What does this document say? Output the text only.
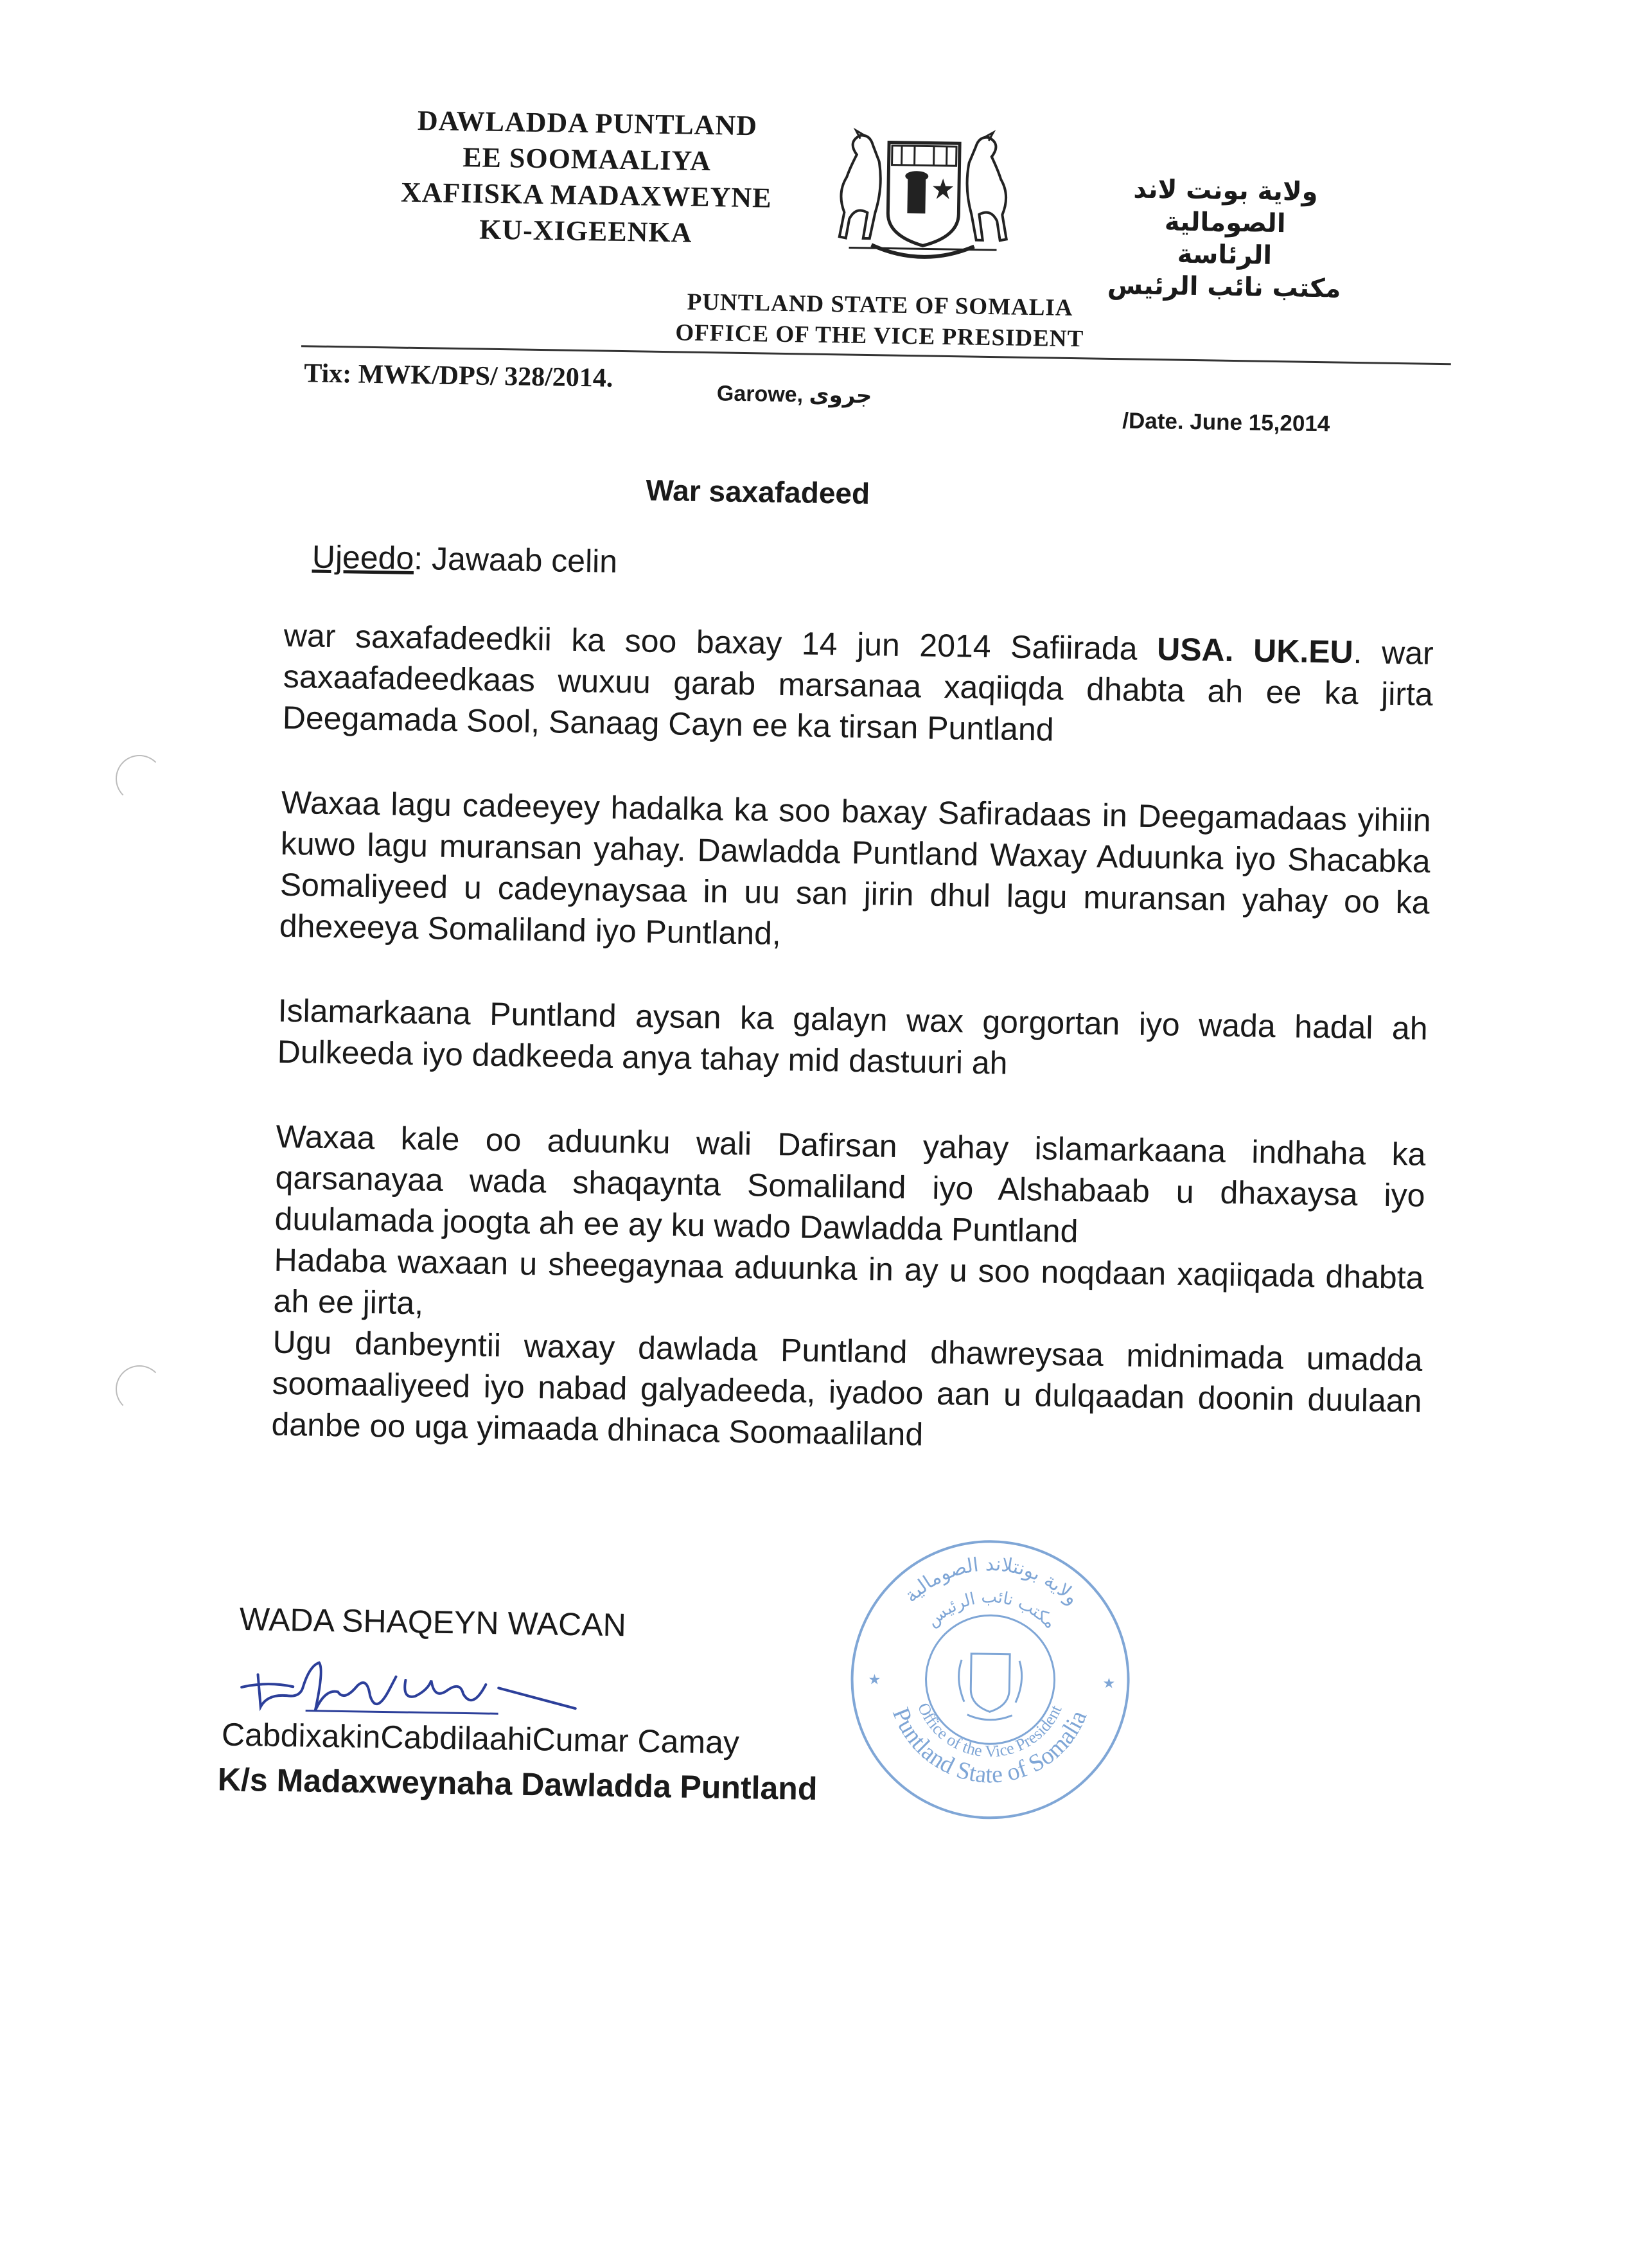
DAWLADDA PUNTLAND
EE SOOMAALIYA
XAFIISKA MADAXWEYNE
KU-XIGEENKA
ولاية بونت لاند الصومالية
الرئاسة
مكتب نائب الرئيس
PUNTLAND STATE OF SOMALIA
OFFICE OF THE VICE PRESIDENT
Tix: MWK/DPS/ 328/2014.
Garowe, جروى
/Date. June 15,2014
War saxafadeed
Ujeedo: Jawaab celin

war saxafadeedkii ka soo baxay 14 jun 2014 Safiirada USA. UK.EU. war saxaafadeedkaas wuxuu garab marsanaa xaqiiqda dhabta ah ee ka jirta Deegamada Sool, Sanaag Cayn ee ka tirsan Puntland

Waxaa lagu cadeeyey hadalka ka soo baxay Safiradaas in Deegamadaas yihiin kuwo lagu muransan yahay. Dawladda Puntland Waxay Aduunka iyo Shacabka Somaliyeed u cadeynaysaa in uu san jirin dhul lagu muransan yahay oo ka dhexeeya Somaliland iyo Puntland,

Islamarkaana Puntland aysan ka galayn wax gorgortan iyo wada hadal ah Dulkeeda iyo dadkeeda anya tahay mid dastuuri ah

Waxaa kale oo aduunku wali Dafirsan yahay islamarkaana indhaha ka qarsanayaa wada shaqaynta Somaliland iyo Alshabaab u dhaxaysa iyo duulamada joogta ah ee ay ku wado Dawladda Puntland

Hadaba waxaan u sheegaynaa aduunka in ay u soo noqdaan xaqiiqada dhabta ah ee jirta,

Ugu danbeyntii waxay dawlada Puntland dhawreysaa midnimada umadda soomaaliyeed iyo nabad galyadeeda, iyadoo aan u dulqaadan doonin duulaan danbe oo uga yimaada dhinaca Soomaaliland

WADA SHAQEYN WACAN
CabdixakinCabdilaahiCumar Camay
K/s Madaxweynaha Dawladda Puntland
ولاية بونتلاند الصومالية
مكتب نائب الرئيس
Office of the Vice President
Puntland State of Somalia
★	★
